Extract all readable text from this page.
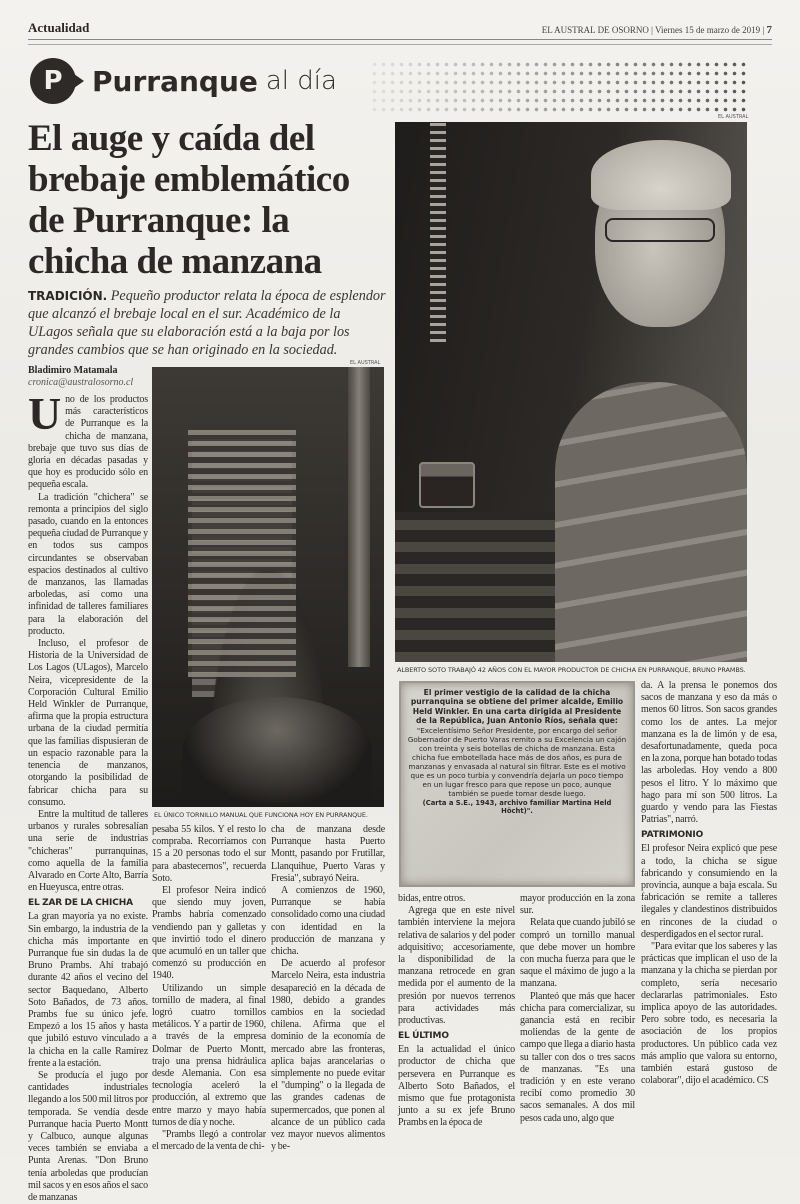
Actualidad	EL AUSTRAL DE OSORNO | Viernes 15 de marzo de 2019 | 7
P Purranque al día
El auge y caída del brebaje emblemático de Purranque: la chicha de manzana
TRADICIÓN. Pequeño productor relata la época de esplendor que alcanzó el brebaje local en el sur. Académico de la ULagos señala que su elaboración está a la baja por los grandes cambios que se han originado en la sociedad.
Bladimiro Matamala
cronica@australosorno.cl
U no de los productos más característicos de Purranque es la chicha de manzana, brebaje que tuvo sus días de gloria en décadas pasadas y que hoy es producido sólo en pequeña escala.

La tradición "chichera" se remonta a principios del siglo pasado, cuando en la entonces pequeña ciudad de Purranque y en todos sus campos circundantes se observaban espacios destinados al cultivo de manzanos, las llamadas arboledas, así como una infinidad de talleres familiares para la elaboración del producto.

Incluso, el profesor de Historia de la Universidad de Los Lagos (ULagos), Marcelo Neira, vicepresidente de la Corporación Cultural Emilio Held Winkler de Purranque, afirma que la propia estructura urbana de la ciudad permitía que las familias dispusieran de un espacio razonable para la tenencia de manzanos, otorgando la posibilidad de fabricar chicha para su consumo.

Entre la multitud de talleres urbanos y rurales sobresalían una serie de industrias "chicheras" purranquinas, como aquella de la familia Alvarado en Corte Alto, Barría en Hueyusca, entre otras.

EL ZAR DE LA CHICHA

La gran mayoría ya no existe. Sin embargo, la industria de la chicha más importante en Purranque fue sin dudas la de Bruno Prambs. Ahí trabajó durante 42 años el vecino del sector Baquedano, Alberto Soto Bañados, de 73 años. Prambs fue su único jefe. Empezó a los 15 años y hasta que jubiló estuvo vinculado a la chicha en la calle Ramírez frente a la estación.

Se producía el jugo por cantidades industriales llegando a los 500 mil litros por temporada. Se vendía desde Purranque hacia Puerto Montt y Calbuco, aunque algunas veces también se enviaba a Punta Arenas. "Don Bruno tenía arboledas que producían mil sacos y en esos años el saco de manzanas

EL AUSTRAL
EL ÚNICO TORNILLO MANUAL QUE FUNCIONA HOY EN PURRANQUE.

pesaba 55 kilos. Y el resto lo compraba. Recorríamos con 15 a 20 personas todo el sur para abastecernos", recuerda Soto.

El profesor Neira indicó que siendo muy joven, Prambs habría comenzado vendiendo pan y galletas y que invirtió todo el dinero que acumuló en un taller que comenzó su producción en 1940.

Utilizando un simple tornillo de madera, al final logró cuatro tornillos metálicos. Y a partir de 1960, a través de la empresa Dolmar de Puerto Montt, trajo una prensa hidráulica desde Alemania. Con esa tecnología aceleró la producción, al extremo que entre marzo y mayo había turnos de día y noche.

"Prambs llegó a controlar el mercado de la venta de chi-

cha de manzana desde Purranque hasta Puerto Montt, pasando por Frutillar, Llanquihue, Puerto Varas y Fresia", subrayó Neira.

A comienzos de 1960, Purranque se había consolidado como una ciudad con identidad en la producción de manzana y chicha.

De acuerdo al profesor Marcelo Neira, esta industria desapareció en la década de 1980, debido a grandes cambios en la sociedad chilena. Afirma que el dominio de la economía de mercado abre las fronteras, aplica bajas arancelarias o simplemente no puede evitar el "dumping" o la llegada de las grandes cadenas de supermercados, que ponen al alcance de un público cada vez mayor nuevos alimentos y be-

EL AUSTRAL
ALBERTO SOTO TRABAJÓ 42 AÑOS CON EL MAYOR PRODUCTOR DE CHICHA EN PURRANQUE, BRUNO PRAMBS.
El primer vestigio de la calidad de la chicha purranquina se obtiene del primer alcalde, Emilio Held Winkler. En una carta dirigida al Presidente de la República, Juan Antonio Ríos, señala que:
"Excelentísimo Señor Presidente, por encargo del señor Gobernador de Puerto Varas remito a su Excelencia un cajón con treinta y seis botellas de chicha de manzana. Esta chicha fue embotellada hace más de dos años, es pura de manzanas y envasada al natural sin filtrar. Este es el motivo que es un poco turbia y convendría dejarla un poco tiempo en un lugar fresco para que repose un poco, aunque también se puede tomar desde luego.
(Carta a S.E., 1943, archivo familiar Martina Held Höcht)".

bidas, entre otros.

Agrega que en este nivel también interviene la mejora relativa de salarios y del poder adquisitivo; accesoriamente, la disponibilidad de la manzana retrocede en gran medida por el aumento de la presión por nuevos terrenos para actividades más productivas.

EL ÚLTIMO

En la actualidad el único productor de chicha que persevera en Purranque es Alberto Soto Bañados, el mismo que fue protagonista junto a su ex jefe Bruno Prambs en la época de

mayor producción en la zona sur.

Relata que cuando jubiló se compró un tornillo manual que debe mover un hombre con mucha fuerza para que le saque el máximo de jugo a la manzana.

Planteó que más que hacer chicha para comercializar, su ganancia está en recibir moliendas de la gente de campo que llega a diario hasta su taller con dos o tres sacos de manzanas. "Es una tradición y en este verano recibí como promedio 30 sacos semanales. A dos mil pesos cada uno, algo que

da. A la prensa le ponemos dos sacos de manzana y eso da más o menos 60 litros. Son sacos grandes como los de antes. La mejor manzana es la de limón y de esa, desafortunadamente, queda poca en la zona, porque han botado todas las arboledas. Hoy vendo a 800 pesos el litro. Y lo máximo que hago para mí son 500 litros. La guardo y vendo para las Fiestas Patrias", narró.

PATRIMONIO

El profesor Neira explicó que pese a todo, la chicha se sigue fabricando y consumiendo en la provincia, aunque a baja escala. Su fabricación se remite a talleres ilegales y clandestinos distribuidos en rincones de la ciudad o desperdigados en el sector rural.

"Para evitar que los saberes y las prácticas que implican el uso de la manzana y la chicha se pierdan por completo, sería necesario declararlas patrimoniales. Esto implica apoyo de las autoridades. Pero sobre todo, es necesaria la asociación de los propios productores. Un público cada vez más amplio que valora su entorno, también estará gustoso de colaborar", dijo el académico. CS
